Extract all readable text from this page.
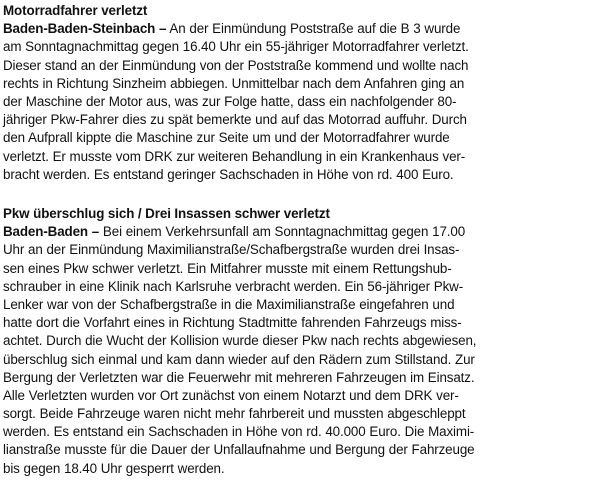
Motorradfahrer verletzt
Baden-Baden-Steinbach – An der Einmündung Poststraße auf die B 3 wurde
am Sonntagnachmittag gegen 16.40 Uhr ein 55-jähriger Motorradfahrer verletzt.
Dieser stand an der Einmündung von der Poststraße kommend und wollte nach
rechts in Richtung Sinzheim abbiegen. Unmittelbar nach dem Anfahren ging an
der Maschine der Motor aus, was zur Folge hatte, dass ein nachfolgender 80-
jähriger Pkw-Fahrer dies zu spät bemerkte und auf das Motorrad auffuhr. Durch
den Aufprall kippte die Maschine zur Seite um und der Motorradfahrer wurde
verletzt. Er musste vom DRK zur weiteren Behandlung in ein Krankenhaus ver-
bracht werden. Es entstand geringer Sachschaden in Höhe von rd. 400 Euro.
Pkw überschlug sich / Drei Insassen schwer verletzt
Baden-Baden – Bei einem Verkehrsunfall am Sonntagnachmittag gegen 17.00
Uhr an der Einmündung Maximilianstraße/Schafbergstraße wurden drei Insas-
sen eines Pkw schwer verletzt. Ein Mitfahrer musste mit einem Rettungshub-
schrauber in eine Klinik nach Karlsruhe verbracht werden. Ein 56-jähriger Pkw-
Lenker war von der Schafbergstraße in die Maximilianstraße eingefahren und
hatte dort die Vorfahrt eines in Richtung Stadtmitte fahrenden Fahrzeugs miss-
achtet. Durch die Wucht der Kollision wurde dieser Pkw nach rechts abgewiesen,
überschlug sich einmal und kam dann wieder auf den Rädern zum Stillstand. Zur
Bergung der Verletzten war die Feuerwehr mit mehreren Fahrzeugen im Einsatz.
Alle Verletzten wurden vor Ort zunächst von einem Notarzt und dem DRK ver-
sorgt. Beide Fahrzeuge waren nicht mehr fahrbereit und mussten abgeschleppt
werden. Es entstand ein Sachschaden in Höhe von rd. 40.000 Euro. Die Maximi-
lianstraße musste für die Dauer der Unfallaufnahme und Bergung der Fahrzeuge
bis gegen 18.40 Uhr gesperrt werden.
